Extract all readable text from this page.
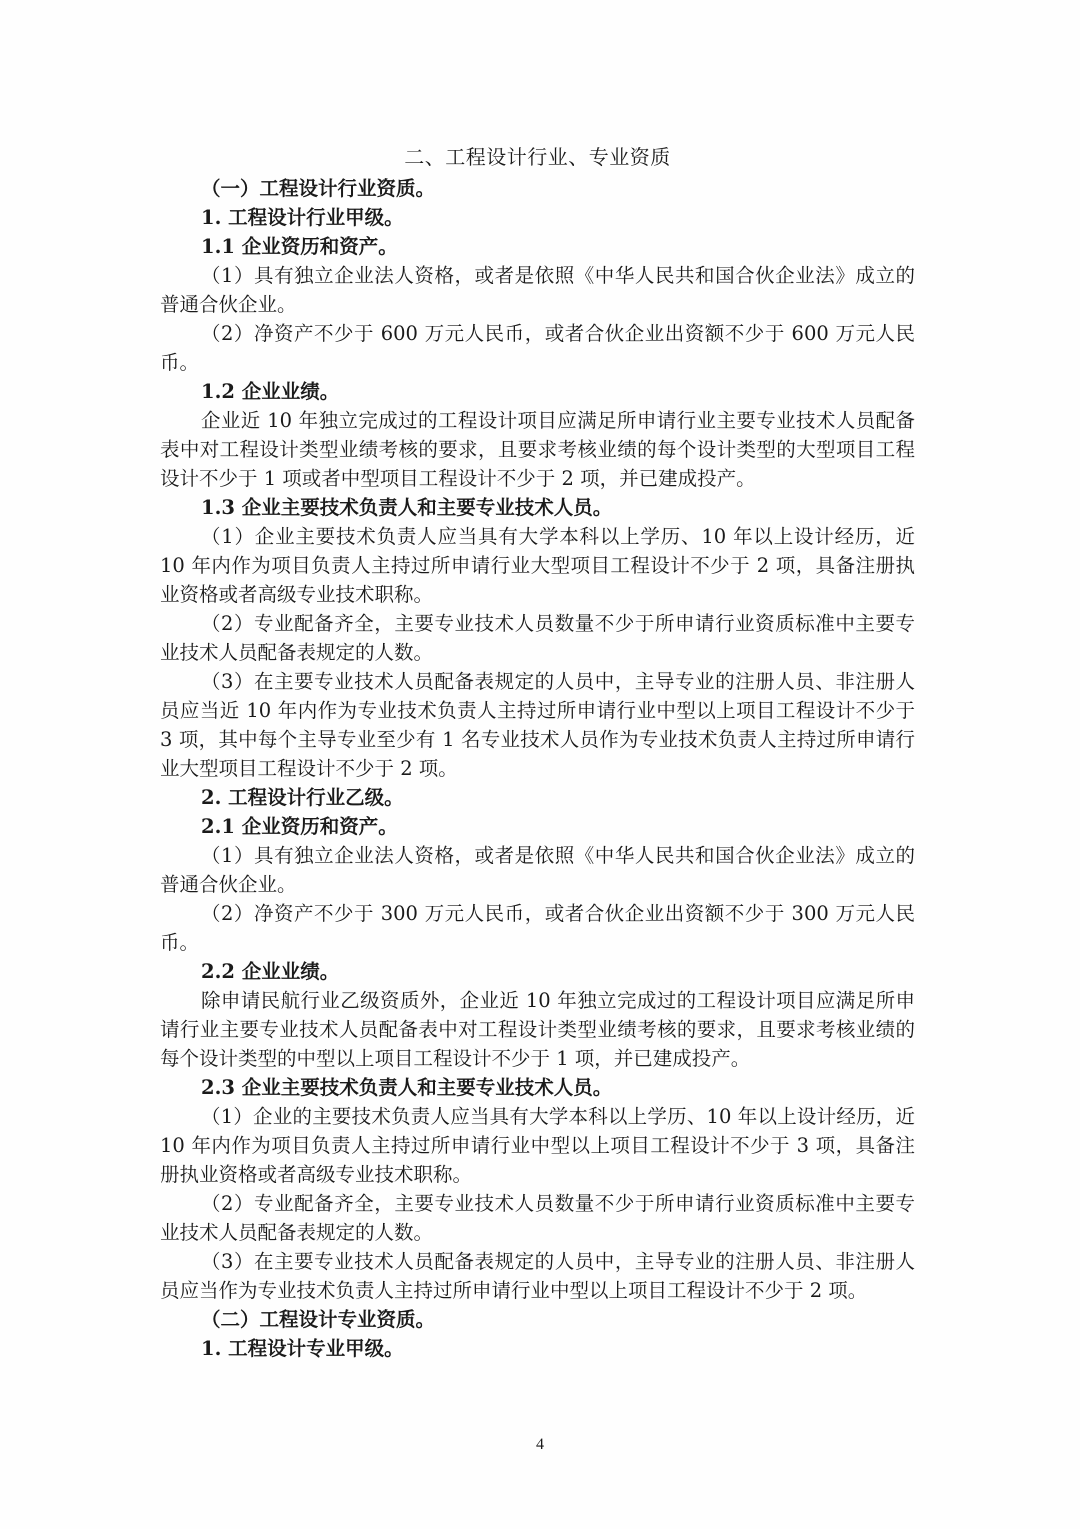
二、工程设计行业、专业资质

（一）工程设计行业资质。

1. 工程设计行业甲级。

1.1 企业资历和资产。

（1）具有独立企业法人资格，或者是依照《中华人民共和国合伙企业法》成立的普通合伙企业。

（2）净资产不少于 600 万元人民币，或者合伙企业出资额不少于 600 万元人民币。

1.2 企业业绩。

企业近 10 年独立完成过的工程设计项目应满足所申请行业主要专业技术人员配备表中对工程设计类型业绩考核的要求，且要求考核业绩的每个设计类型的大型项目工程设计不少于 1 项或者中型项目工程设计不少于 2 项，并已建成投产。

1.3 企业主要技术负责人和主要专业技术人员。

（1）企业主要技术负责人应当具有大学本科以上学历、10 年以上设计经历，近 10 年内作为项目负责人主持过所申请行业大型项目工程设计不少于 2 项，具备注册执业资格或者高级专业技术职称。

（2）专业配备齐全，主要专业技术人员数量不少于所申请行业资质标准中主要专业技术人员配备表规定的人数。

（3）在主要专业技术人员配备表规定的人员中，主导专业的注册人员、非注册人员应当近 10 年内作为专业技术负责人主持过所申请行业中型以上项目工程设计不少于 3 项，其中每个主导专业至少有 1 名专业技术人员作为专业技术负责人主持过所申请行业大型项目工程设计不少于 2 项。

2. 工程设计行业乙级。

2.1 企业资历和资产。

（1）具有独立企业法人资格，或者是依照《中华人民共和国合伙企业法》成立的普通合伙企业。

（2）净资产不少于 300 万元人民币，或者合伙企业出资额不少于 300 万元人民币。

2.2 企业业绩。

除申请民航行业乙级资质外，企业近 10 年独立完成过的工程设计项目应满足所申请行业主要专业技术人员配备表中对工程设计类型业绩考核的要求，且要求考核业绩的每个设计类型的中型以上项目工程设计不少于 1 项，并已建成投产。

2.3 企业主要技术负责人和主要专业技术人员。

（1）企业的主要技术负责人应当具有大学本科以上学历、10 年以上设计经历，近 10 年内作为项目负责人主持过所申请行业中型以上项目工程设计不少于 3 项，具备注册执业资格或者高级专业技术职称。

（2）专业配备齐全，主要专业技术人员数量不少于所申请行业资质标准中主要专业技术人员配备表规定的人数。

（3）在主要专业技术人员配备表规定的人员中，主导专业的注册人员、非注册人员应当作为专业技术负责人主持过所申请行业中型以上项目工程设计不少于 2 项。

（二）工程设计专业资质。

1. 工程设计专业甲级。

4
